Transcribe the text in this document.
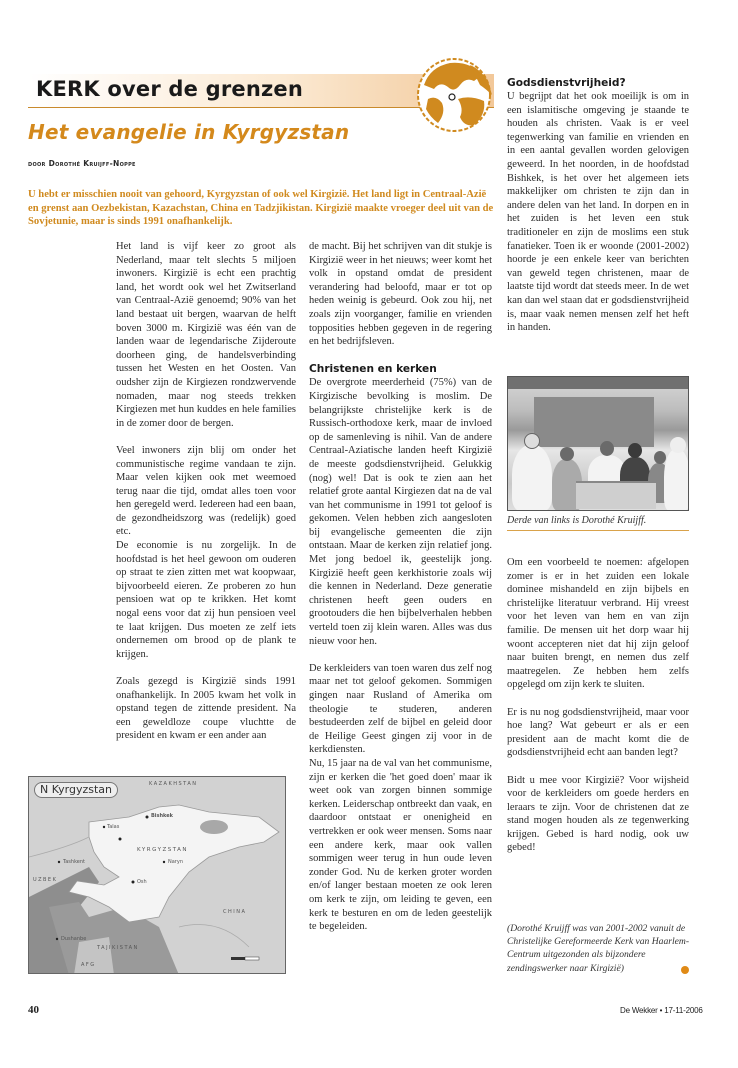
KERK over de grenzen
Het evangelie in Kyrgyzstan
door Dorothé Kruijff-Noppe
U hebt er misschien nooit van gehoord, Kyrgyzstan of ook wel Kirgizië. Het land ligt in Centraal-Azië en grenst aan Oezbekistan, Kazachstan, China en Tadzjikistan. Kirgizië maakte vroeger deel uit van de Sovjetunie, maar is sinds 1991 onafhankelijk.

Het land is vijf keer zo groot als Nederland, maar telt slechts 5 miljoen inwoners. Kirgizië is echt een prachtig land, het wordt ook wel het Zwitserland van Centraal-Azië genoemd; 90% van het land bestaat uit bergen, waarvan de helft boven 3000 m. Kirgizië was één van de landen waar de legendarische Zijderoute doorheen ging, de handelsverbinding tussen het Westen en het Oosten. Van oudsher zijn de Kirgiezen rondzwervende nomaden, maar nog steeds trekken Kirgiezen met hun kuddes en hele families in de zomer door de bergen.

Veel inwoners zijn blij om onder het communistische regime vandaan te zijn. Maar velen kijken ook met weemoed terug naar die tijd, omdat alles toen voor hen geregeld werd. Iedereen had een baan, de gezondheidszorg was (redelijk) goed etc.

De economie is nu zorgelijk. In de hoofdstad is het heel gewoon om ouderen op straat te zien zitten met wat koopwaar, bijvoorbeeld eieren. Ze proberen zo hun pensioen wat op te krikken. Het komt nogal eens voor dat zij hun pensioen veel te laat krijgen. Dus moeten ze zelf iets ondernemen om brood op de plank te krijgen.

Zoals gezegd is Kirgizië sinds 1991 onafhankelijk. In 2005 kwam het volk in opstand tegen de zittende president. Na een geweldloze coupe vluchtte de president en kwam er een ander aan

de macht. Bij het schrijven van dit stukje is Kirgizië weer in het nieuws; weer komt het volk in opstand omdat de president verandering had beloofd, maar er tot op heden weinig is gebeurd. Ook zou hij, net zoals zijn voorganger, familie en vrienden topposities hebben gegeven in de regering en het bedrijfsleven.

Christenen en kerken

De overgrote meerderheid (75%) van de Kirgizische bevolking is moslim. De belangrijkste christelijke kerk is de Russisch-orthodoxe kerk, maar de invloed op de samenleving is nihil. Van de andere Centraal-Aziatische landen heeft Kirgizië de meeste godsdienstvrijheid. Gelukkig (nog) wel! Dat is ook te zien aan het relatief grote aantal Kirgiezen dat na de val van het communisme in 1991 tot geloof is gekomen. Velen hebben zich aangesloten bij evangelische gemeenten die zijn ontstaan. Maar de kerken zijn relatief jong. Met jong bedoel ik, geestelijk jong. Kirgizië heeft geen kerkhistorie zoals wij die kennen in Nederland. Deze generatie christenen heeft geen ouders en grootouders die hen bijbelverhalen hebben verteld toen zij klein waren. Alles was dus nieuw voor hen.

De kerkleiders van toen waren dus zelf nog maar net tot geloof gekomen. Sommigen gingen naar Rusland of Amerika om theologie te studeren, anderen bestudeerden zelf de bijbel en geleid door de Heilige Geest gingen zij voor in de kerkdiensten.

Nu, 15 jaar na de val van het communisme, zijn er kerken die 'het goed doen' maar ik weet ook van zorgen binnen sommige kerken. Leiderschap ontbreekt dan vaak, en daardoor ontstaat er onenigheid en vertrekken er ook weer mensen. Soms naar een andere kerk, maar ook vallen sommigen weer terug in hun oude leven zonder God. Nu de kerken groter worden en/of langer bestaan moeten ze ook leren om kerk te zijn, om leiding te geven, een kerk te besturen en om de leden geestelijk te begeleiden.

Godsdienstvrijheid?

U begrijpt dat het ook moeilijk is om in een islamitische omgeving je staande te houden als christen. Vaak is er veel tegenwerking van familie en vrienden en in een aantal gevallen worden gelovigen geweerd. In het noorden, in de hoofdstad Bishkek, is het over het algemeen iets makkelijker om christen te zijn dan in andere delen van het land. In dorpen en in het zuiden is het leven een stuk traditioneler en zijn de moslims een stuk fanatieker. Toen ik er woonde (2001-2002) hoorde je een enkele keer van berichten van geweld tegen christenen, maar de laatste tijd wordt dat steeds meer. In de wet kan dan wel staan dat er godsdienstvrijheid is, maar vaak nemen mensen zelf het heft in handen.

Derde van links is Dorothé Kruijff.

Om een voorbeeld te noemen: afgelopen zomer is er in het zuiden een lokale dominee mishandeld en zijn bijbels en christelijke literatuur verbrand. Hij vreest voor het leven van hem en van zijn familie. De mensen uit het dorp waar hij woont accepteren niet dat hij zijn geloof naar buiten brengt, en nemen dus zelf maatregelen. Ze hebben hem zelfs opgelegd om zijn kerk te sluiten.

Er is nu nog godsdienstvrijheid, maar voor hoe lang? Wat gebeurt er als er een president aan de macht komt die de godsdienstvrijheid echt aan banden legt?

Bidt u mee voor Kirgizië? Voor wijsheid voor de kerkleiders om goede herders en leraars te zijn. Voor de christenen dat ze stand mogen houden als ze tegenwerking krijgen. Gebed is hard nodig, ook uw gebed!

(Dorothé Kruijff was van 2001-2002 vanuit de Christelijke Gereformeerde Kerk van Haarlem-Centrum uitgezonden als bijzondere zendingswerker naar Kirgizië)
N Kyrgyzstan	KAZAKHSTAN
KYRGYZSTAN
UZBEK
CHINA
TAJIKISTAN
AFG
Bishkek
Tashkent
Osh
Naryn
Talas
Dushanbe
40	De Wekker • 17-11-2006
